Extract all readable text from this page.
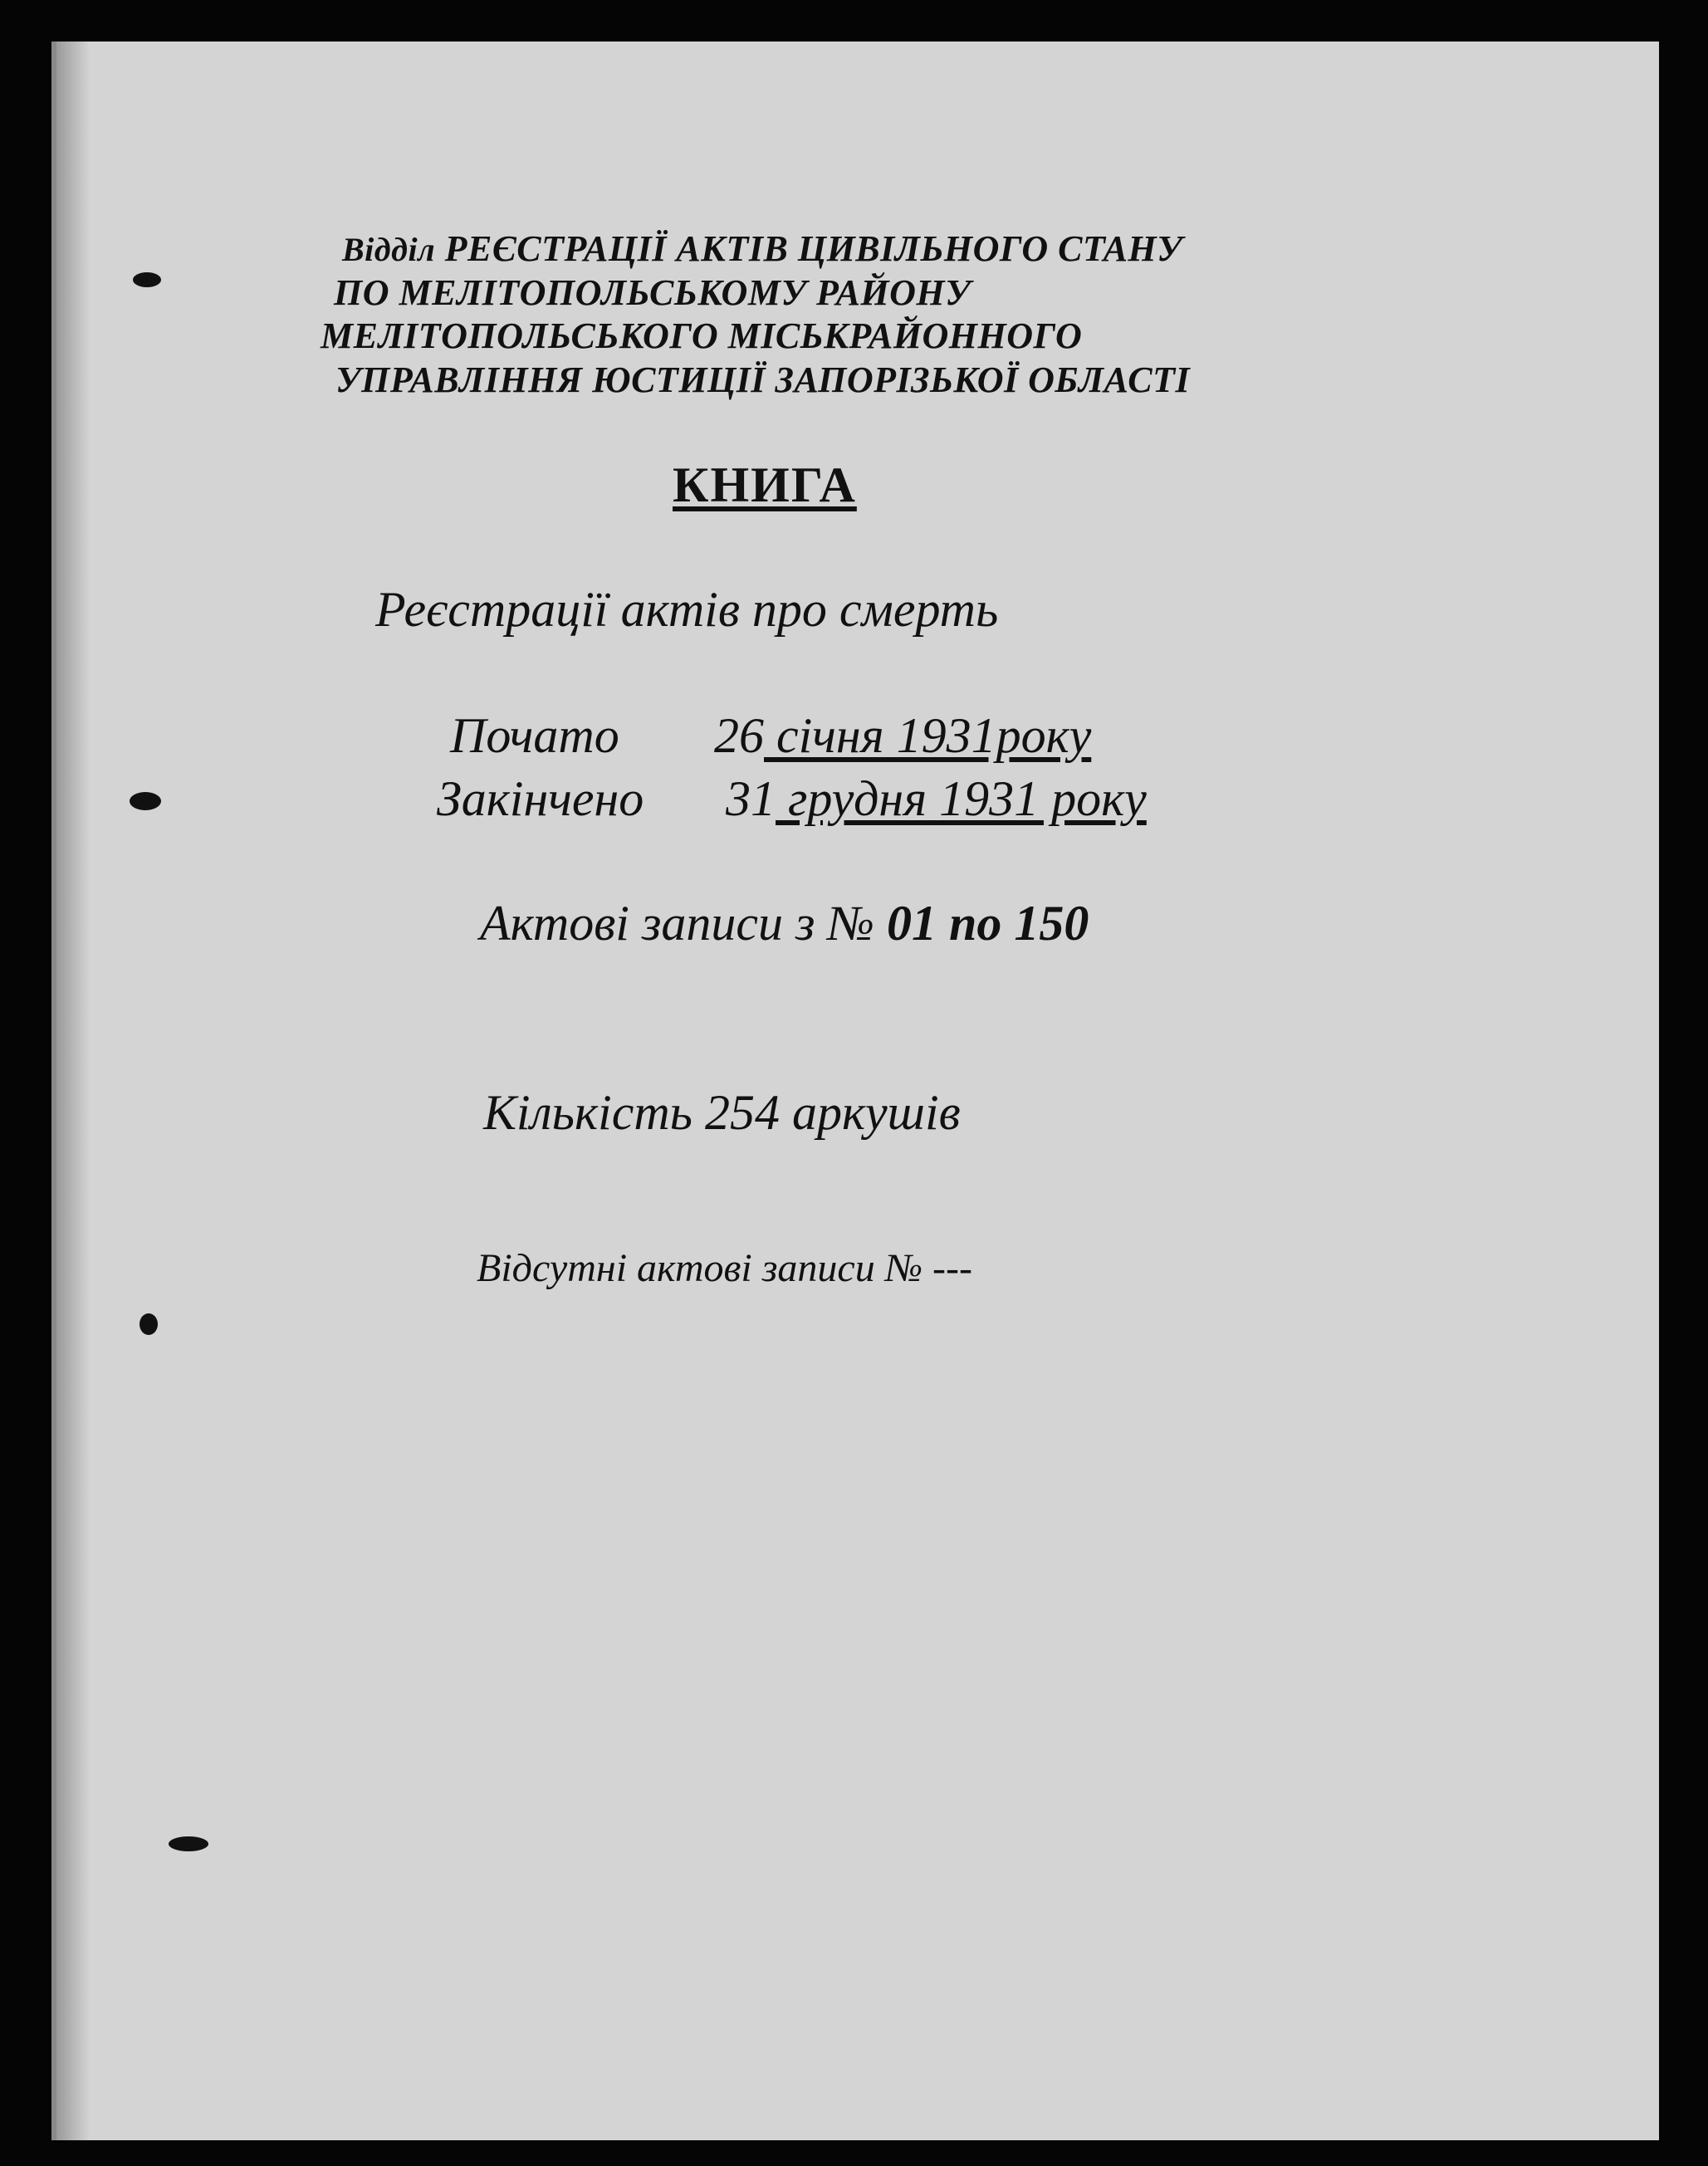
Відділ РЕЄСТРАЦІЇ АКТІВ ЦИВІЛЬНОГО СТАНУ
ПО МЕЛІТОПОЛЬСЬКОМУ РАЙОНУ
МЕЛІТОПОЛЬСЬКОГО МІСЬКРАЙОННОГО
УПРАВЛІННЯ ЮСТИЦІЇ ЗАПОРІЗЬКОЇ ОБЛАСТІ
КНИГА
Реєстрації актів про смерть
Почато 26 січня 1931року
Закінчено 31 грудня 1931 року
Актові записи з № 01 по 150
Кількість 254 аркушів
Відсутні актові записи № ---
